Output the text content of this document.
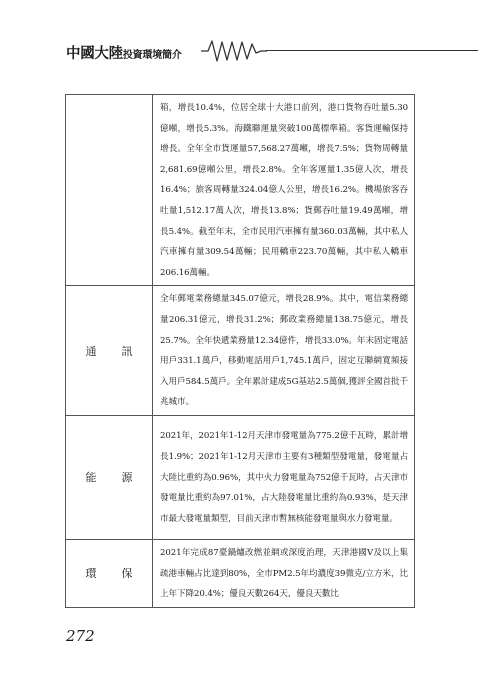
中國大陸投資環境簡介
	箱，增長10.4%，位居全球十大港口前列，港口貨物吞吐量5.30億噸，增長5.3%。海鐵聯運量突破100萬標準箱。客貨運輸保持增長。全年全市貨運量57,568.27萬噸，增長7.5%；貨物周轉量2,681.69億噸公里，增長2.8%。全年客運量1.35億人次，增長16.4%；旅客周轉量324.04億人公里，增長16.2%。機場旅客吞吐量1,512.17萬人次，增長13.8%；貨郵吞吐量19.49萬噸，增長5.4%。截至年末，全市民用汽車擁有量360.03萬輛，其中私人汽車擁有量309.54萬輛；民用轎車223.70萬輛，其中私人轎車206.16萬輛。
通訊	全年郵電業務總量345.07億元，增長28.9%。其中，電信業務總量206.31億元，增長31.2%；郵政業務總量138.75億元，增長25.7%。全年快遞業務量12.34億件，增長33.0%。年末固定電話用戶331.1萬戶，移動電話用戶1,745.1萬戶，固定互聯網寬頻接入用戶584.5萬戶。全年累計建成5G基站2.5萬個,獲評全國首批千兆城市。
能源	2021年，2021年1-12月天津市發電量為775.2億千瓦時，累計增長1.9%；2021年1-12月天津市主要有3種類型發電量，發電量占大陸比重約為0.96%，其中火力發電量為752億千瓦時，占天津市發電量比重約為97.01%，占大陸發電量比重約為0.93%，是天津市最大發電量類型，目前天津市暫無核能發電量與水力發電量。
環保	2021年完成87臺鍋爐改燃並網或深度治理，天津港國Ⅴ及以上集疏港車輛占比達到80%，全市PM2.5年均濃度39微克/立方米，比上年下降20.4%；優良天數264天，優良天數比
272
